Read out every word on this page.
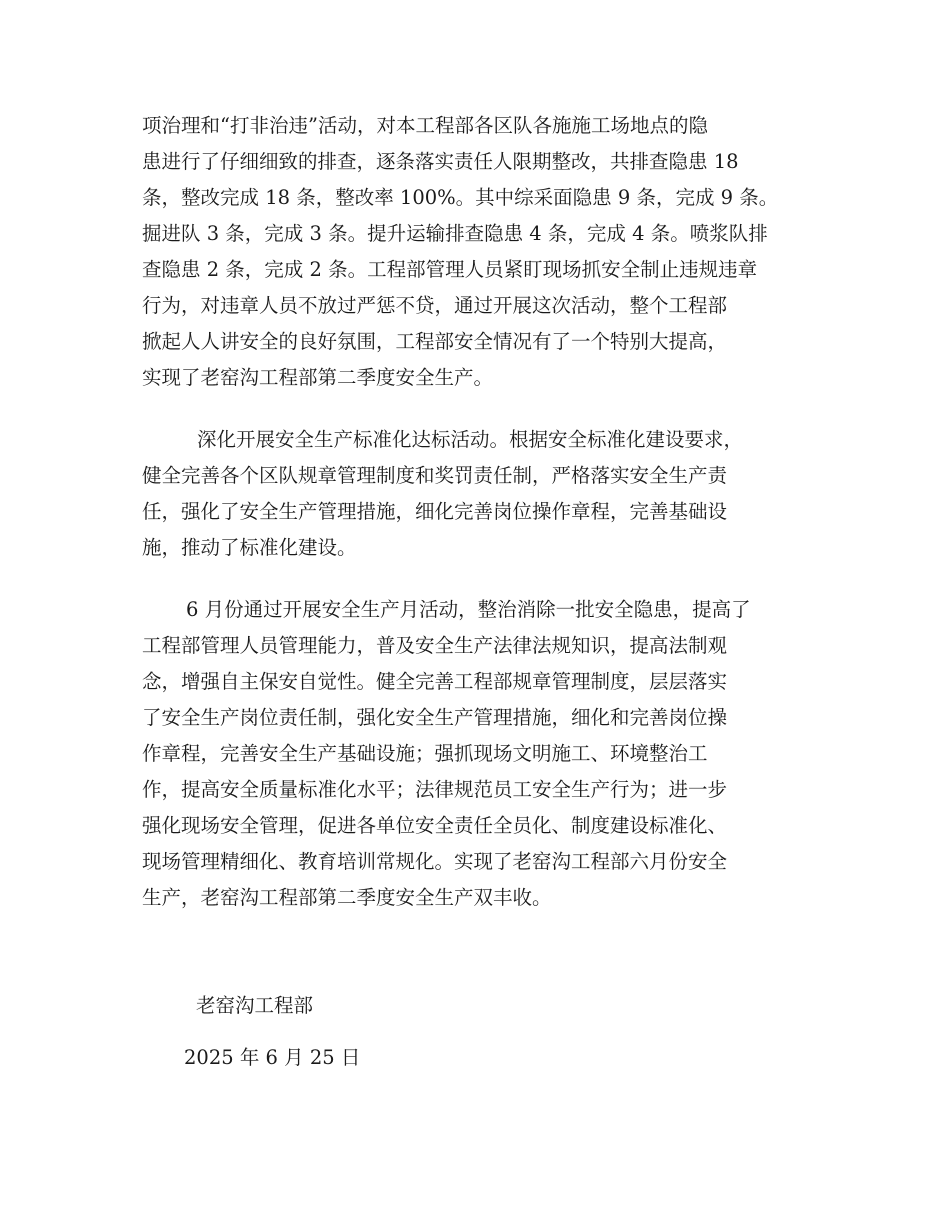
项治理和“打非治违”活动，对本工程部各区队各施施工场地点的隐
患进行了仔细细致的排查，逐条落实责任人限期整改，共排查隐患 18
条，整改完成 18 条，整改率 100%。其中综采面隐患 9 条，完成 9 条。
掘进队 3 条，完成 3 条。提升运输排查隐患 4 条，完成 4 条。喷浆队排
查隐患 2 条，完成 2 条。工程部管理人员紧盯现场抓安全制止违规违章
行为，对违章人员不放过严惩不贷，通过开展这次活动，整个工程部
掀起人人讲安全的良好氛围，工程部安全情况有了一个特别大提高，
实现了老窑沟工程部第二季度安全生产。
深化开展安全生产标准化达标活动。根据安全标准化建设要求，
健全完善各个区队规章管理制度和奖罚责任制，严格落实安全生产责
任，强化了安全生产管理措施，细化完善岗位操作章程，完善基础设
施，推动了标准化建设。
6 月份通过开展安全生产月活动，整治消除一批安全隐患，提高了
工程部管理人员管理能力，普及安全生产法律法规知识，提高法制观
念，增强自主保安自觉性。健全完善工程部规章管理制度，层层落实
了安全生产岗位责任制，强化安全生产管理措施，细化和完善岗位操
作章程，完善安全生产基础设施；强抓现场文明施工、环境整治工
作，提高安全质量标准化水平；法律规范员工安全生产行为；进一步
强化现场安全管理，促进各单位安全责任全员化、制度建设标准化、
现场管理精细化、教育培训常规化。实现了老窑沟工程部六月份安全
生产，老窑沟工程部第二季度安全生产双丰收。
老窑沟工程部
2025 年 6 月 25 日
